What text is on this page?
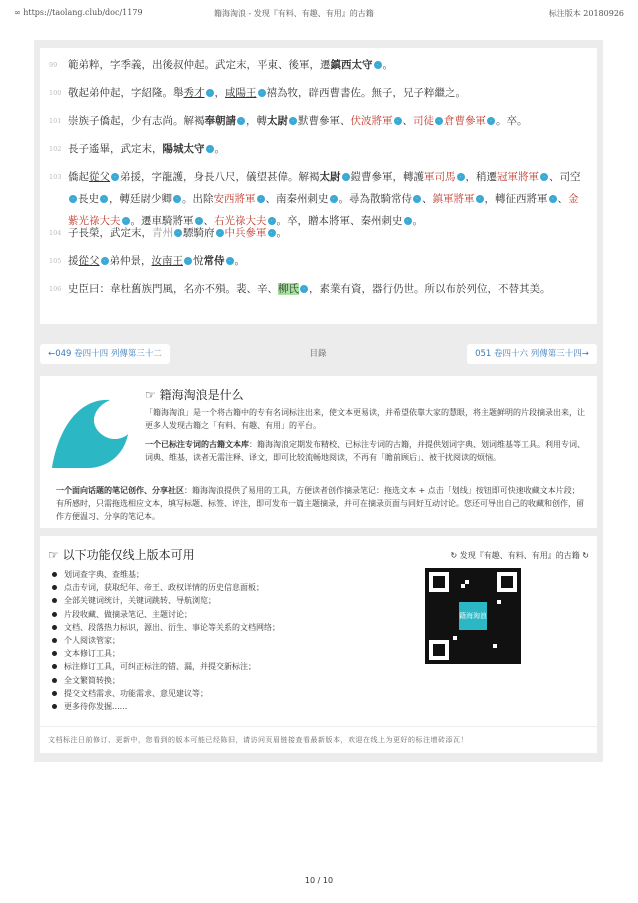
∞ https://taolang.club/doc/1179	籍海淘浪 - 发现『有料、有趣、有用』的古籍	标注版本 20180926
99 範弟粹，字季義，出後叔仲起。武定末，平東、後軍，遷鎮西太守 · 。
100 敬起弟仲起，字紹隆。舉秀才 · ，咸陽王 · 禧為牧，辟西曹書佐。無子，兄子粹繼之。
101 崇族子僑起，少有志尚。解褐奉朝請 · ，轉太尉 · 默曹參軍、伏波將軍 · 、司徒 · 倉曹參軍 · 。卒。
102 長子遙畢，武定末，陽城太守 · 。
103 僑起從父 · 弟援，字龍護，身長八尺，儀望甚偉。解褐太尉 · 鎧曹參軍，轉護軍司馬 · ，稍遷冠軍將軍 · 、司空· 長史 · ，轉廷尉少卿 · 。出除安西將軍 · 、南秦州刺史 · 。尋為散騎常侍 · 、鎮軍將軍 · ，轉征西將軍 · 、金紫光祿大夫 · 。遷車騎將軍 · 、右光祿大夫 · 。卒，贈本將軍、秦州刺史 · 。
104 子長榮，武定末，青州 · 驃騎府 · 中兵參軍 · 。
105 援從父 · 弟仲景，汝南王 · 悅常侍 · 。
106 史臣曰：韋杜舊族門風，名亦不殞。裴、辛、柳氏 · ，素業有資，器行仍世。所以布於列位，不替其美。
←049 卷四十四 列傳第三十二	目錄	051 卷四十六 列傳第三十四→
☞ 籍海淘浪是什么
「籍海淘浪」是一个将古籍中的专有名词标注出来，使文本更易读，并希望依靠大家的慧眼，将主题鲜明的片段摘录出来，让更多人发现古籍之「有料、有趣、有用」的平台。
一个已标注专词的古籍文本库：籍海淘浪定期发布精校、已标注专词的古籍，并提供划词字典、划词维基等工具。利用专词、词典、维基，读者无需注释、译文，即可比较流畅地阅读，不再有「瞻前顾后」、被干扰阅读的烦恼。
一个面向话题的笔记创作、分享社区：籍海淘浪提供了易用的工具，方便读者创作摘录笔记：拖选文本 + 点击「划线」按钮即可快速收藏文本片段；有所感时，只需拖选相应文本，填写标题、标签、评注，即可发布一篇主题摘录，并可在摘录页面与同好互动讨论。您还可导出自己的收藏和创作，留作方便温习、分享的笔记本。
☞ 以下功能仅线上版本可用	↻ 发现『有趣、有料、有用』的古籍 ↻
划词查字典、查维基；
点击专词，获取纪年、帝王、政权详情的历史信息面板；
全部关键词统计，关键词跳转、导航浏览；
片段收藏、做摘录笔记、主题讨论；
文档、段落热力标识，源出、衍生、事论等关系的文档网络；
个人阅读管家；
文本修订工具；
标注修订工具，可纠正标注的错、漏，并提交新标注；
全文繁简转换；
提交文档需求、功能需求、意见建议等；
更多待你发掘......
籍海淘浪
文档标注日前修订、更新中，您看到的版本可能已经陈旧，请访问页眉链接查看最新版本，欢迎在线上为更好的标注增砖添瓦！
10 / 10
